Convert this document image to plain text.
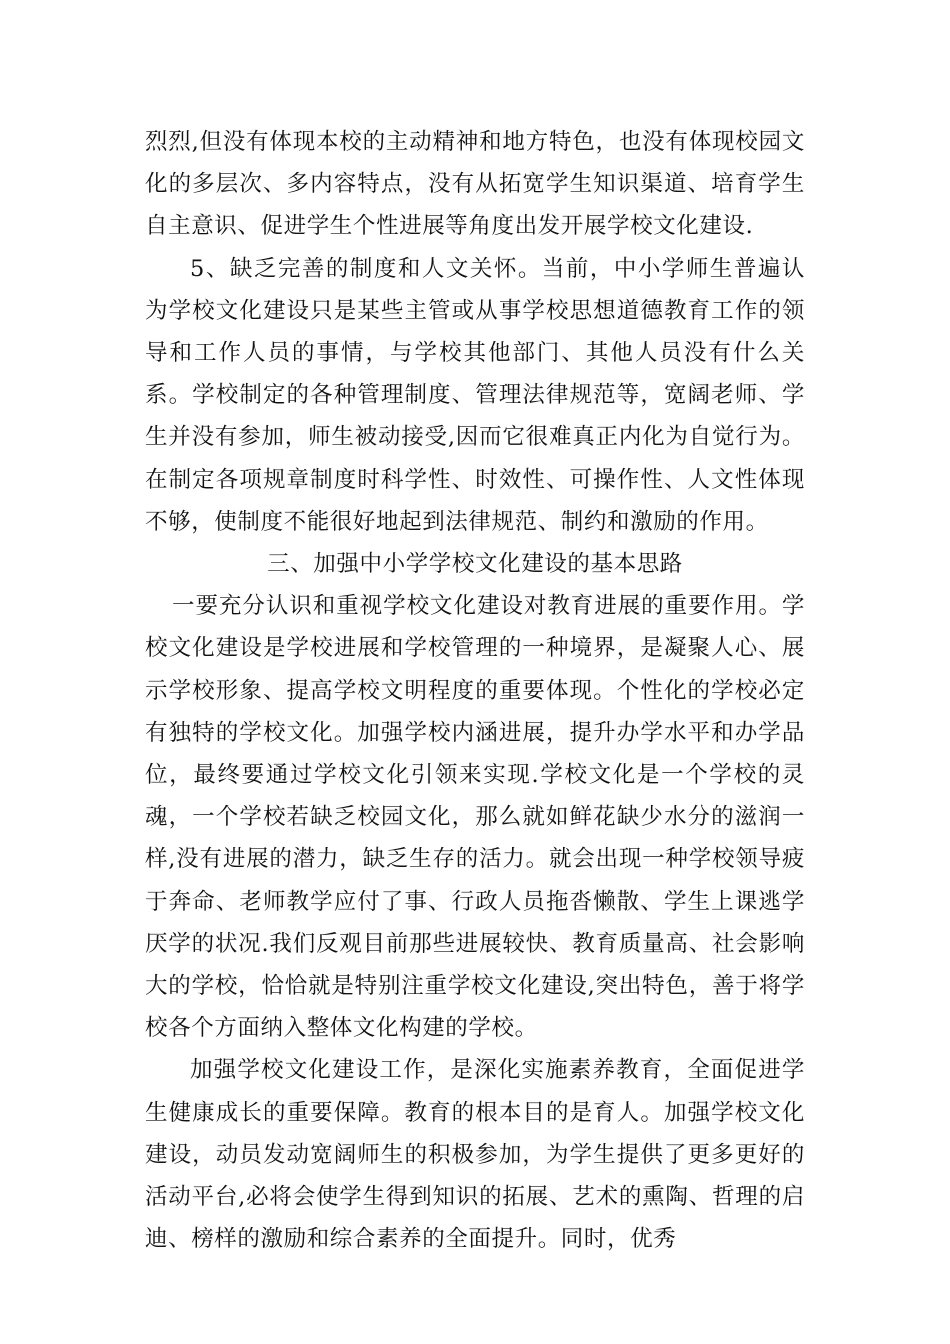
烈烈,但没有体现本校的主动精神和地方特色，也没有体现校园文化的多层次、多内容特点，没有从拓宽学生知识渠道、培育学生自主意识、促进学生个性进展等角度出发开展学校文化建设.

5、缺乏完善的制度和人文关怀。当前，中小学师生普遍认为学校文化建设只是某些主管或从事学校思想道德教育工作的领导和工作人员的事情，与学校其他部门、其他人员没有什么关系。学校制定的各种管理制度、管理法律规范等，宽阔老师、学生并没有参加，师生被动接受,因而它很难真正内化为自觉行为。在制定各项规章制度时科学性、时效性、可操作性、人文性体现不够，使制度不能很好地起到法律规范、制约和激励的作用。

三、加强中小学学校文化建设的基本思路

一要充分认识和重视学校文化建设对教育进展的重要作用。学校文化建设是学校进展和学校管理的一种境界，是凝聚人心、展示学校形象、提高学校文明程度的重要体现。个性化的学校必定有独特的学校文化。加强学校内涵进展，提升办学水平和办学品位，最终要通过学校文化引领来实现.学校文化是一个学校的灵魂，一个学校若缺乏校园文化，那么就如鲜花缺少水分的滋润一样,没有进展的潜力，缺乏生存的活力。就会出现一种学校领导疲于奔命、老师教学应付了事、行政人员拖沓懒散、学生上课逃学厌学的状况.我们反观目前那些进展较快、教育质量高、社会影响大的学校，恰恰就是特别注重学校文化建设,突出特色，善于将学校各个方面纳入整体文化构建的学校。

加强学校文化建设工作，是深化实施素养教育，全面促进学生健康成长的重要保障。教育的根本目的是育人。加强学校文化建设，动员发动宽阔师生的积极参加，为学生提供了更多更好的活动平台,必将会使学生得到知识的拓展、艺术的熏陶、哲理的启迪、榜样的激励和综合素养的全面提升。同时，优秀
